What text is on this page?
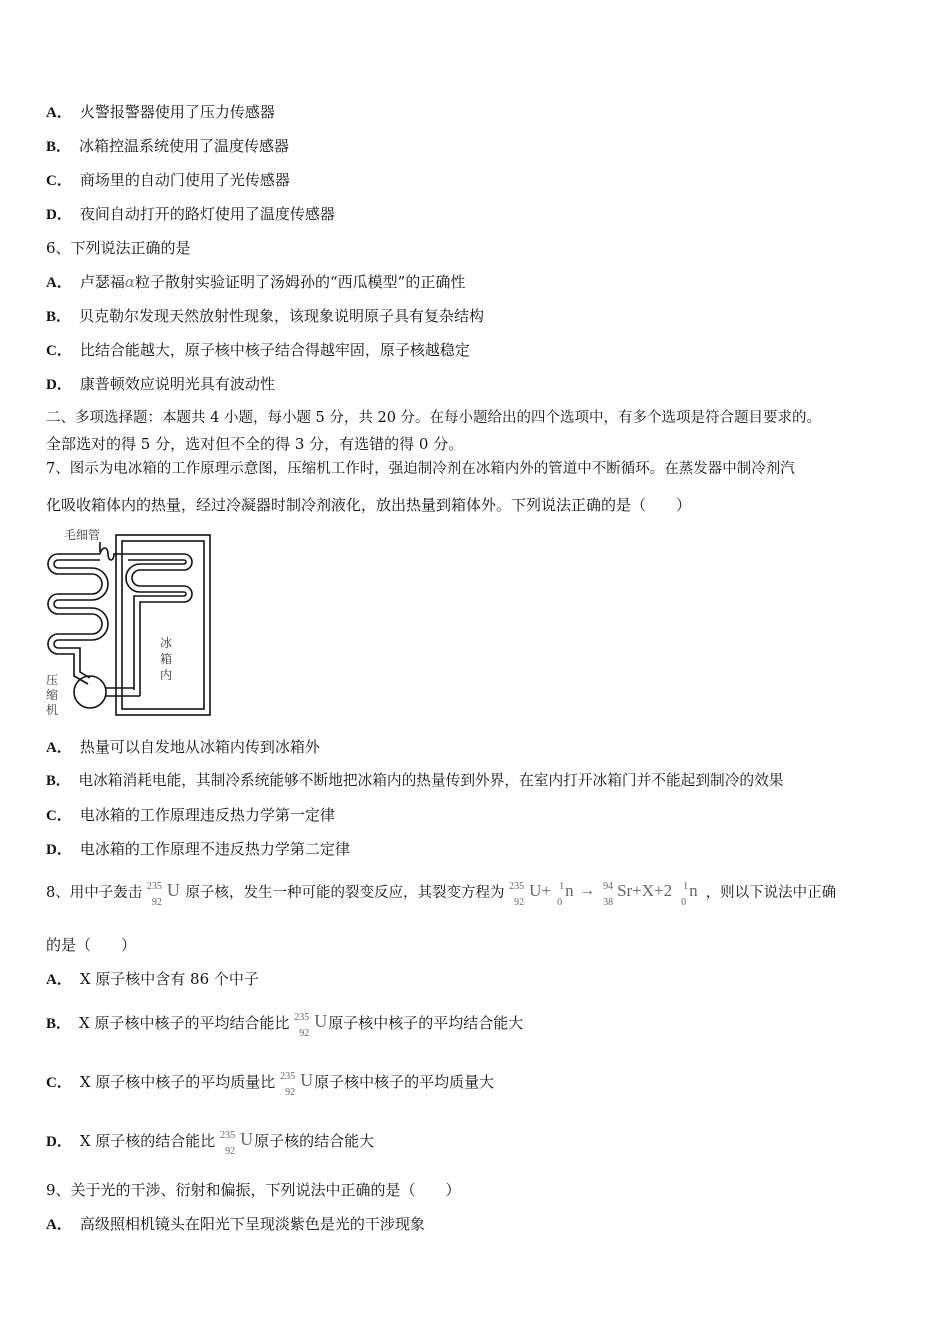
A． 火警报警器使用了压力传感器
B． 冰箱控温系统使用了温度传感器
C． 商场里的自动门使用了光传感器
D． 夜间自动打开的路灯使用了温度传感器
6、下列说法正确的是
A． 卢瑟福α粒子散射实验证明了汤姆孙的“西瓜模型”的正确性
B． 贝克勒尔发现天然放射性现象，该现象说明原子具有复杂结构
C． 比结合能越大，原子核中核子结合得越牢固，原子核越稳定
D． 康普顿效应说明光具有波动性
二、多项选择题：本题共 4 小题，每小题 5 分，共 20 分。在每小题给出的四个选项中，有多个选项是符合题目要求的。
全部选对的得 5 分，选对但不全的得 3 分，有选错的得 0 分。
7、图示为电冰箱的工作原理示意图，压缩机工作时，强迫制冷剂在冰箱内外的管道中不断循环。在蒸发器中制冷剂汽
化吸收箱体内的热量，经过冷凝器时制冷剂液化，放出热量到箱体外。下列说法正确的是（　　）
毛细管
冰
箱
内
压
缩
机
A． 热量可以自发地从冰箱内传到冰箱外
B． 电冰箱消耗电能，其制冷系统能够不断地把冰箱内的热量传到外界，在室内打开冰箱门并不能起到制冷的效果
C． 电冰箱的工作原理违反热力学第一定律
D． 电冰箱的工作原理不违反热力学第二定律
8、用中子轰击 235
92
U 原子核，发生一种可能的裂变反应，其裂变方程为 235
92
U+ 1
0
n → 94
38
Sr+X+2 1
0
n ，则以下说法中正确
的是（　　）
A． X 原子核中含有 86 个中子
B． X 原子核中核子的平均结合能比 235
92
U 原子核中核子的平均结合能大
C． X 原子核中核子的平均质量比 235
92
U 原子核中核子的平均质量大
D． X 原子核的结合能比 235
92
U 原子核的结合能大
9、关于光的干涉、衍射和偏振，下列说法中正确的是（　　）
A． 高级照相机镜头在阳光下呈现淡紫色是光的干涉现象
